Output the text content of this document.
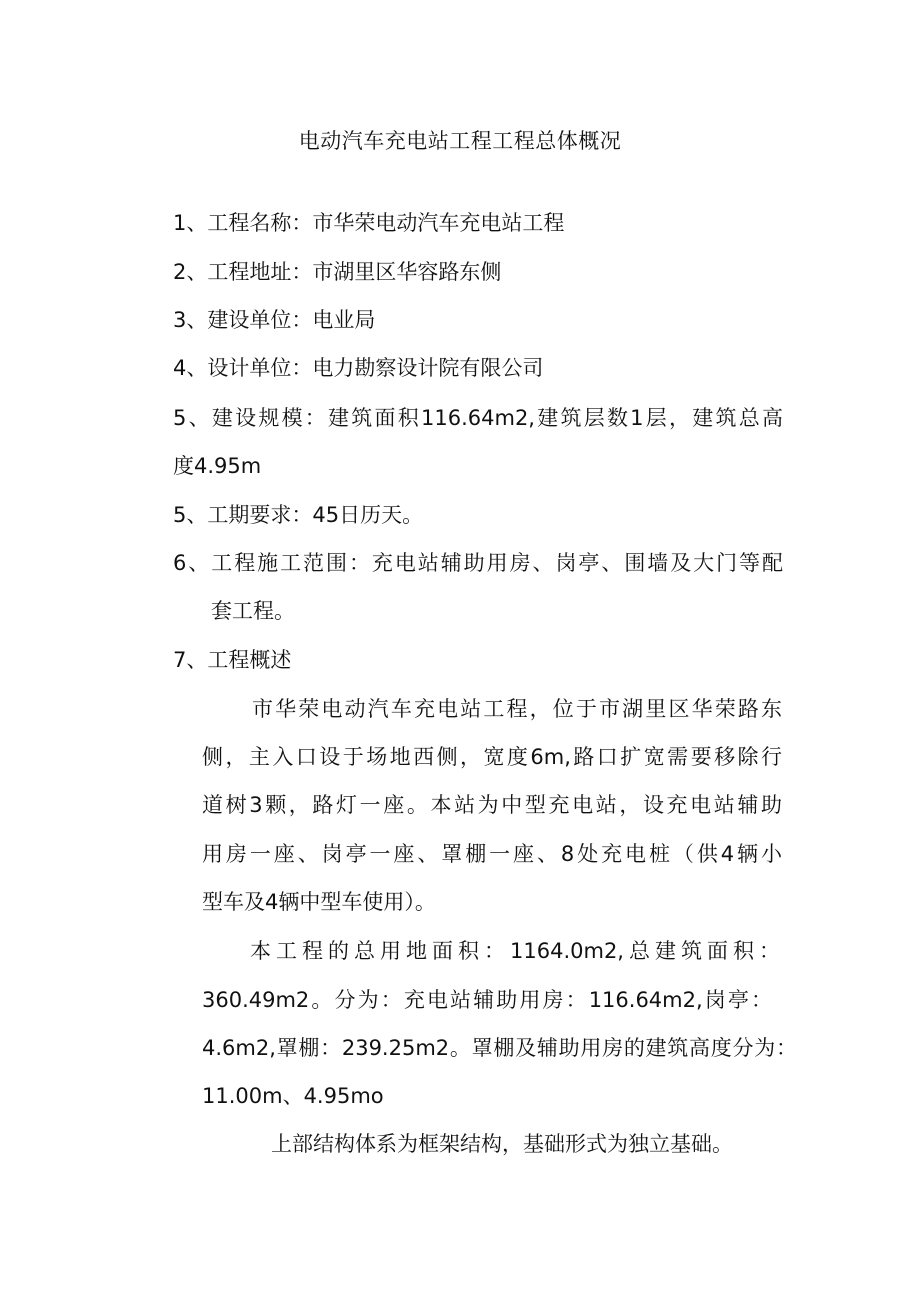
电动汽车充电站工程工程总体概况
1、工程名称：市华荣电动汽车充电站工程
2、工程地址：市湖里区华容路东侧
3、建设单位：电业局
4、设计单位：电力勘察设计院有限公司
5、建设规模：建筑面积116.64m2,建筑层数1层，建筑总高
度4.95m
5、工期要求：45日历天。
6、工程施工范围：充电站辅助用房、岗亭、围墙及大门等配
套工程。
7、工程概述
市华荣电动汽车充电站工程，位于市湖里区华荣路东
侧，主入口设于场地西侧，宽度6m,路口扩宽需要移除行
道树3颗，路灯一座。本站为中型充电站，设充电站辅助
用房一座、岗亭一座、罩棚一座、8处充电桩（供4辆小
型车及4辆中型车使用）。
本工程的总用地面积：1164.0m2,总建筑面积：
360.49m2。分为：充电站辅助用房：116.64m2,岗亭：
4.6m2,罩棚：239.25m2。罩棚及辅助用房的建筑高度分为：
11.00m、4.95mo
上部结构体系为框架结构，基础形式为独立基础。
